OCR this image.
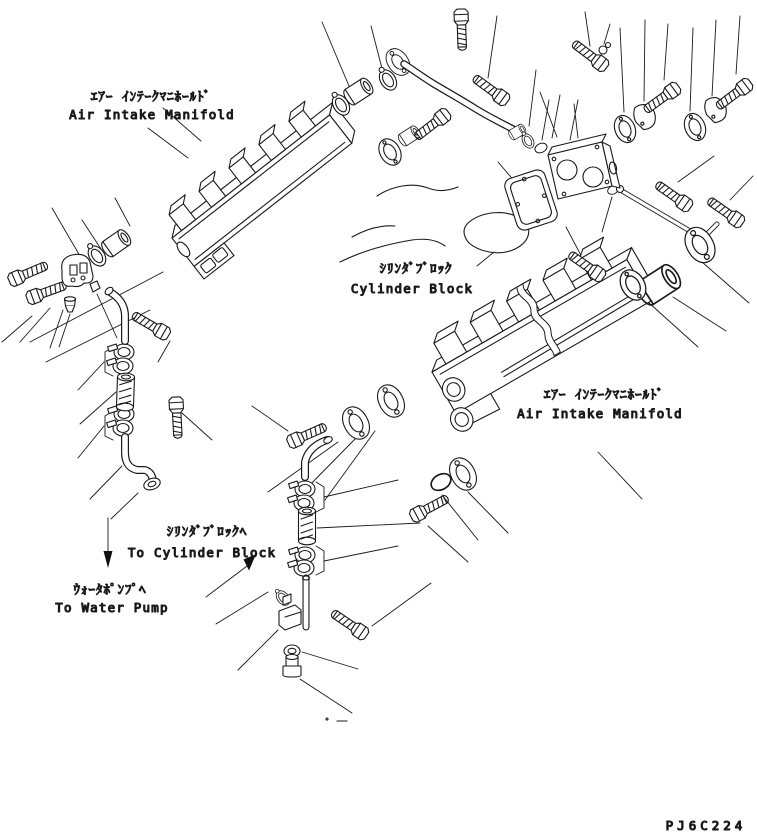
ｴｱｰ ｲﾝﾃｰｸﾏﾆﾎｰﾙﾄﾞ
Air Intake Manifold
ｼﾘﾝﾀﾞﾌﾞﾛｯｸ
Cylinder Block
ｴｱｰ ｲﾝﾃｰｸﾏﾆﾎｰﾙﾄﾞ
Air Intake Manifold
ｼﾘﾝﾀﾞﾌﾞﾛｯｸﾍ
To Cylinder Block
ｳｫｰﾀﾎﾟﾝﾌﾟﾍ
To Water Pump
PJ6C224
